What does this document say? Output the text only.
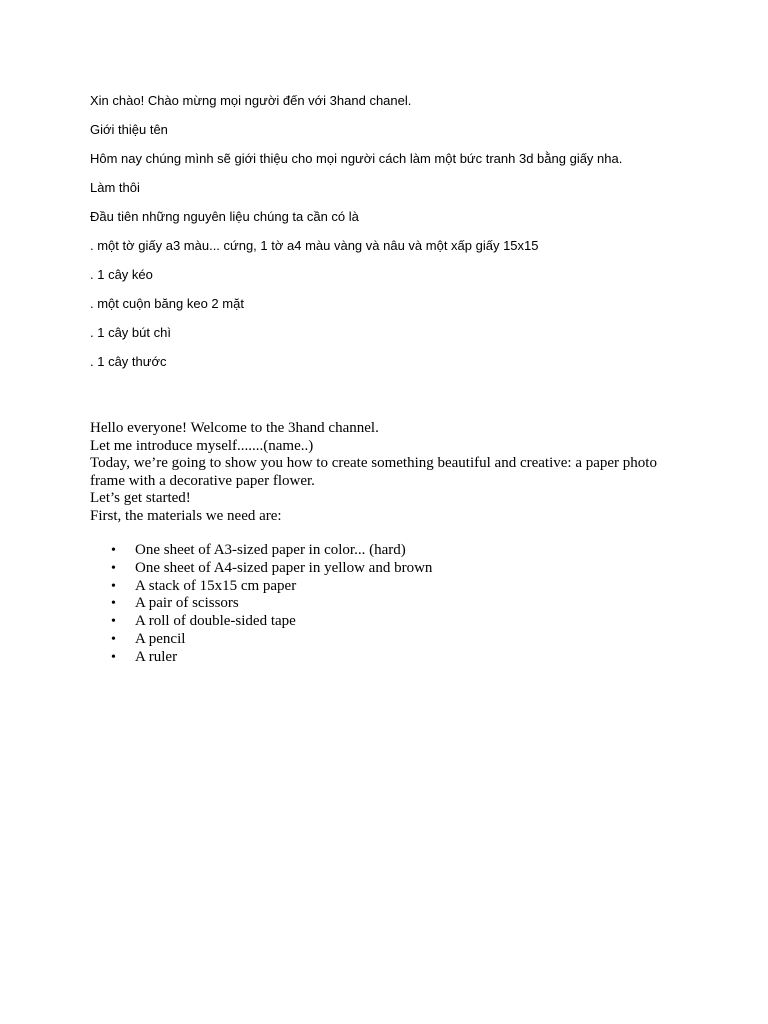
Xin chào! Chào mừng mọi người đến với 3hand chanel.
Giới thiệu tên
Hôm nay chúng mình sẽ giới thiệu cho mọi người cách làm một bức tranh 3d bằng giấy nha.
Làm thôi
Đầu tiên những nguyên liệu chúng ta cần có là
. một tờ giấy a3 màu... cứng, 1 tờ a4 màu vàng và nâu và một xấp giấy 15x15
. 1 cây kéo
. một cuộn băng keo 2 mặt
. 1 cây bút chì
. 1 cây thước
Hello everyone! Welcome to the 3hand channel.
Let me introduce myself.......(name..)
Today, we’re going to show you how to create something beautiful and creative: a paper photo frame with a decorative paper flower.
Let’s get started!
First, the materials we need are:
• One sheet of A3-sized paper in color... (hard)
• One sheet of A4-sized paper in yellow and brown
• A stack of 15x15 cm paper
• A pair of scissors
• A roll of double-sided tape
• A pencil
• A ruler
